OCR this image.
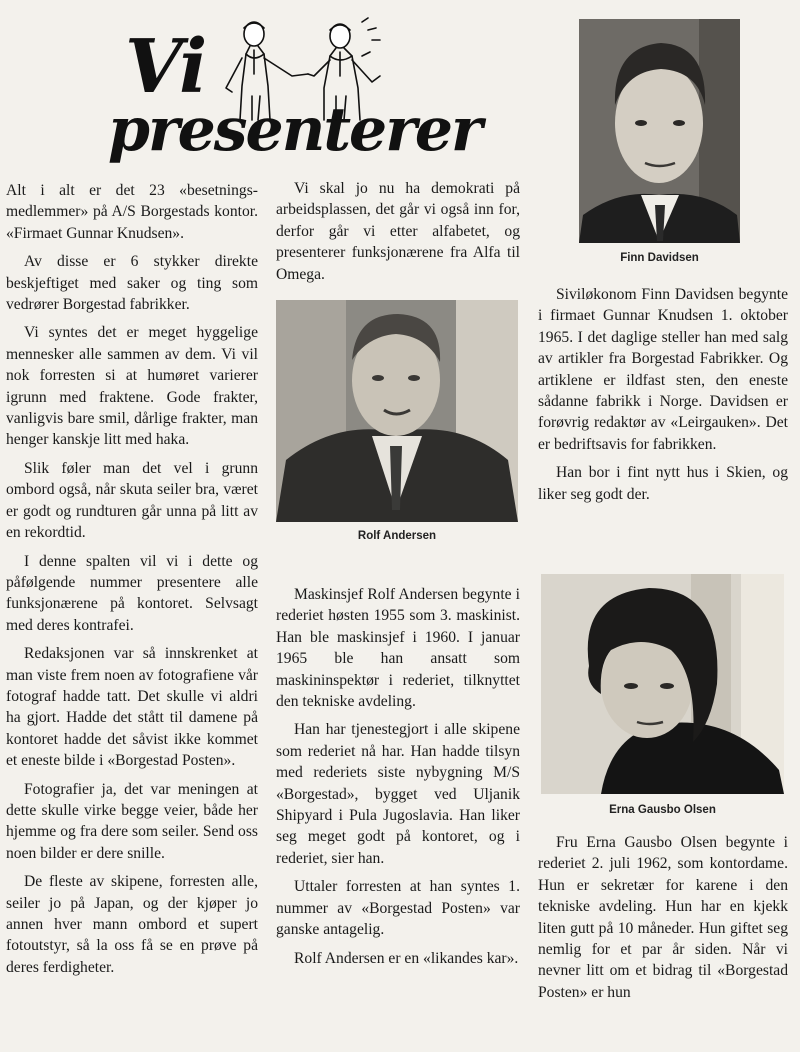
Vi
presenterer

Alt i alt er det 23 «besetnings-medlemmer» på A/S Borgestads kontor. «Firmaet Gunnar Knudsen».

Av disse er 6 stykker direkte beskjeftiget med saker og ting som vedrører Borgestad fabrikker.

Vi syntes det er meget hyggelige mennesker alle sammen av dem. Vi vil nok forresten si at humøret varierer igrunn med fraktene. Gode frakter, vanligvis bare smil, dårlige frakter, man henger kanskje litt med haka.

Slik føler man det vel i grunn ombord også, når skuta seiler bra, været er godt og rundturen går unna på litt av en rekordtid.

I denne spalten vil vi i dette og påfølgende nummer presentere alle funksjonærene på kontoret. Selvsagt med deres kontrafei.

Redaksjonen var så innskrenket at man viste frem noen av fotografiene vår fotograf hadde tatt. Det skulle vi aldri ha gjort. Hadde det stått til damene på kontoret hadde det såvist ikke kommet et eneste bilde i «Borgestad Posten».

Fotografier ja, det var meningen at dette skulle virke begge veier, både her hjemme og fra dere som seiler. Send oss noen bilder er dere snille.

De fleste av skipene, forresten alle, seiler jo på Japan, og der kjøper jo annen hver mann ombord et supert fotoutstyr, så la oss få se en prøve på deres ferdigheter.

Vi skal jo nu ha demokrati på arbeidsplassen, det går vi også inn for, derfor går vi etter alfabetet, og presenterer funksjonærene fra Alfa til Omega.

Rolf Andersen

Maskinsjef Rolf Andersen begynte i rederiet høsten 1955 som 3. maskinist. Han ble maskinsjef i 1960. I januar 1965 ble han ansatt som maskininspektør i rederiet, tilknyttet den tekniske avdeling.

Han har tjenestegjort i alle skipene som rederiet nå har. Han hadde tilsyn med rederiets siste nybygning M/S «Borgestad», bygget ved Uljanik Shipyard i Pula Jugoslavia. Han liker seg meget godt på kontoret, og i rederiet, sier han.

Uttaler forresten at han syntes 1. nummer av «Borgestad Posten» var ganske antagelig.

Rolf Andersen er en «likandes kar».

Finn Davidsen

Siviløkonom Finn Davidsen begynte i firmaet Gunnar Knudsen 1. oktober 1965. I det daglige steller han med salg av artikler fra Borgestad Fabrikker. Og artiklene er ildfast sten, den eneste sådanne fabrikk i Norge. Davidsen er forøvrig redaktør av «Leirgauken». Det er bedriftsavis for fabrikken.

Han bor i fint nytt hus i Skien, og liker seg godt der.

Erna Gausbo Olsen

Fru Erna Gausbo Olsen begynte i rederiet 2. juli 1962, som kontordame. Hun er sekretær for karene i den tekniske avdeling. Hun har en kjekk liten gutt på 10 måneder. Hun giftet seg nemlig for et par år siden. Når vi nevner litt om et bidrag til «Borgestad Posten» er hun
